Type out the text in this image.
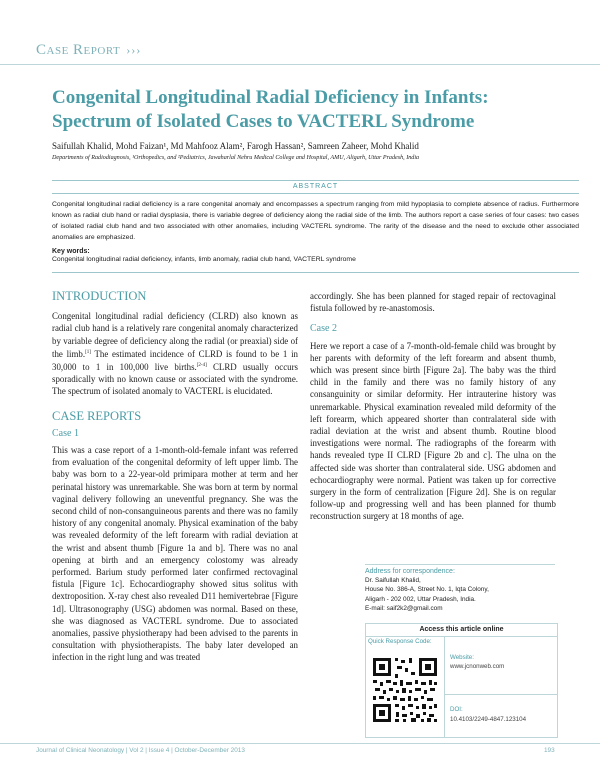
Case Report ›››
Congenital Longitudinal Radial Deficiency in Infants:
Spectrum of Isolated Cases to VACTERL Syndrome
Saifullah Khalid, Mohd Faizan¹, Md Mahfooz Alam², Farogh Hassan², Samreen Zaheer, Mohd Khalid
Departments of Radiodiagnosis, ¹Orthopedics, and ²Pediatrics, Jawaharlal Nehru Medical College and Hospital, AMU, Aligarh, Uttar Pradesh, India
ABSTRACT
Congenital longitudinal radial deficiency is a rare congenital anomaly and encompasses a spectrum ranging from mild hypoplasia to complete absence of radius. Furthermore known as radial club hand or radial dysplasia, there is variable degree of deficiency along the radial side of the limb. The authors report a case series of four cases: two cases of isolated radial club hand and two associated with other anomalies, including VACTERL syndrome. The rarity of the disease and the need to exclude other associated anomalies are emphasized.
Key words:
Congenital longitudinal radial deficiency, infants, limb anomaly, radial club hand, VACTERL syndrome
INTRODUCTION

Congenital longitudinal radial deficiency (CLRD) also known as radial club hand is a relatively rare congenital anomaly characterized by variable degree of deficiency along the radial (or preaxial) side of the limb.[1] The estimated incidence of CLRD is found to be 1 in 30,000 to 1 in 100,000 live births.[2-4] CLRD usually occurs sporadically with no known cause or associated with the syndrome. The spectrum of isolated anomaly to VACTERL is elucidated.

CASE REPORTS
Case 1

This was a case report of a 1-month-old-female infant was referred from evaluation of the congenital deformity of left upper limb. The baby was born to a 22-year-old primipara mother at term and her perinatal history was unremarkable. She was born at term by normal vaginal delivery following an uneventful pregnancy. She was the second child of non-consanguineous parents and there was no family history of any congenital anomaly. Physical examination of the baby was revealed deformity of the left forearm with radial deviation at the wrist and absent thumb [Figure 1a and b]. There was no anal opening at birth and an emergency colostomy was already performed. Barium study performed later confirmed rectovaginal fistula [Figure 1c]. Echocardiography showed situs solitus with dextroposition. X-ray chest also revealed D11 hemivertebrae [Figure 1d]. Ultrasonography (USG) abdomen was normal. Based on these, she was diagnosed as VACTERL syndrome. Due to associated anomalies, passive physiotherapy had been advised to the parents in consultation with physiotherapists. The baby later developed an infection in the right lung and was treated

accordingly. She has been planned for staged repair of rectovaginal fistula followed by re-anastomosis.

Case 2

Here we report a case of a 7-month-old-female child was brought by her parents with deformity of the left forearm and absent thumb, which was present since birth [Figure 2a]. The baby was the third child in the family and there was no family history of any consanguinity or similar deformity. Her intrauterine history was unremarkable. Physical examination revealed mild deformity of the left forearm, which appeared shorter than contralateral side with radial deviation at the wrist and absent thumb. Routine blood investigations were normal. The radiographs of the forearm with hands revealed type II CLRD [Figure 2b and c]. The ulna on the affected side was shorter than contralateral side. USG abdomen and echocardiography were normal. Patient was taken up for corrective surgery in the form of centralization [Figure 2d]. She is on regular follow-up and progressing well and has been planned for thumb reconstruction surgery at 18 months of age.

Address for correspondence:
Dr. Saifullah Khalid,
House No. 386-A, Street No. 1, Iqta Colony,
Aligarh - 202 002, Uttar Pradesh, India.
E-mail: saif2k2@gmail.com
Access this article online
Quick Response Code:
Website:
www.jcnonweb.com
DOI:
10.4103/2249-4847.123104
Journal of Clinical Neonatology | Vol 2 | Issue 4 | October-December 2013	193
